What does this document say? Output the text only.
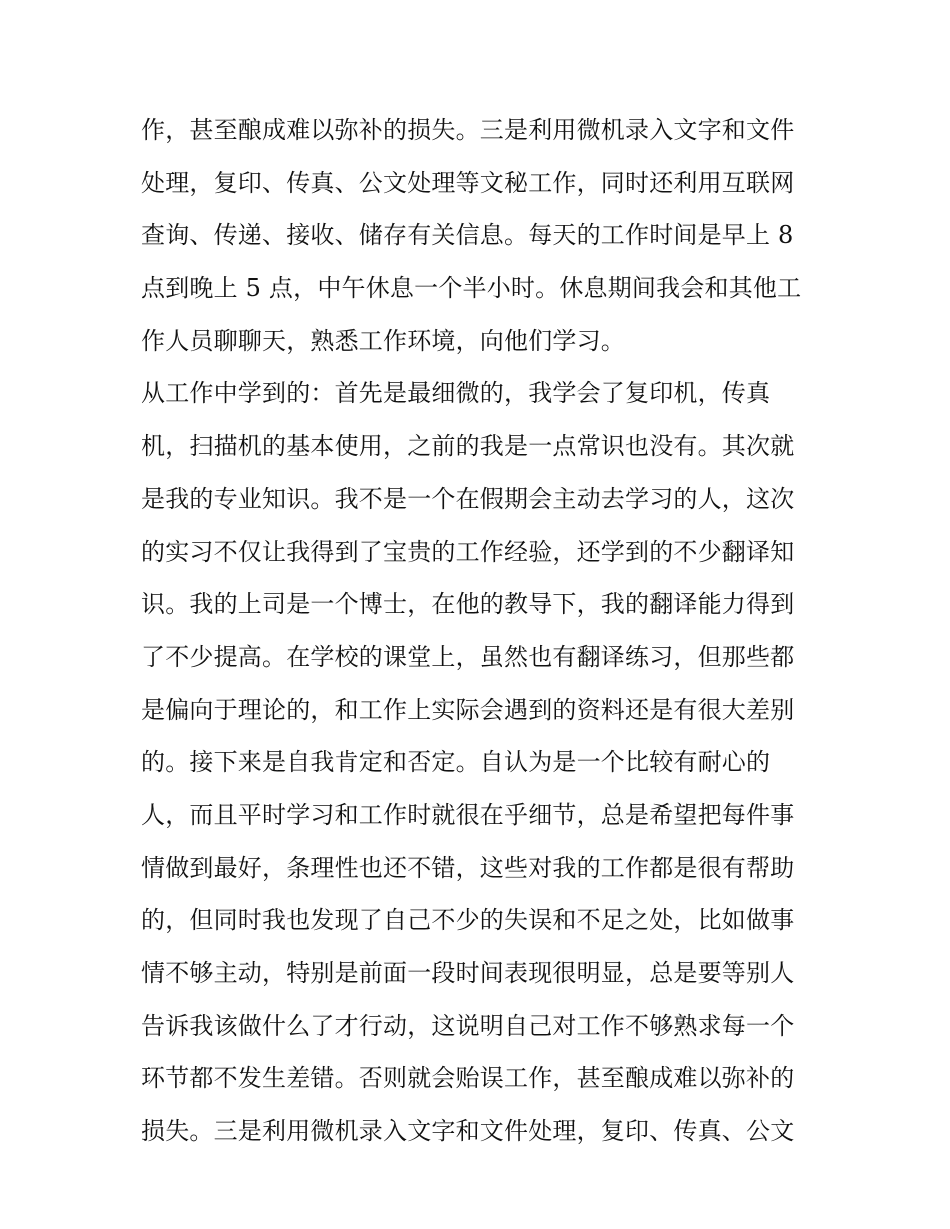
作，甚至酿成难以弥补的损失。三是利用微机录入文字和文件
处理，复印、传真、公文处理等文秘工作，同时还利用互联网
查询、传递、接收、储存有关信息。每天的工作时间是早上 8
点到晚上 5 点，中午休息一个半小时。休息期间我会和其他工
作人员聊聊天，熟悉工作环境，向他们学习。
从工作中学到的：首先是最细微的，我学会了复印机，传真
机，扫描机的基本使用，之前的我是一点常识也没有。其次就
是我的专业知识。我不是一个在假期会主动去学习的人，这次
的实习不仅让我得到了宝贵的工作经验，还学到的不少翻译知
识。我的上司是一个博士，在他的教导下，我的翻译能力得到
了不少提高。在学校的课堂上，虽然也有翻译练习，但那些都
是偏向于理论的，和工作上实际会遇到的资料还是有很大差别
的。接下来是自我肯定和否定。自认为是一个比较有耐心的
人，而且平时学习和工作时就很在乎细节，总是希望把每件事
情做到最好，条理性也还不错，这些对我的工作都是很有帮助
的，但同时我也发现了自己不少的失误和不足之处，比如做事
情不够主动，特别是前面一段时间表现很明显，总是要等别人
告诉我该做什么了才行动，这说明自己对工作不够熟求每一个
环节都不发生差错。否则就会贻误工作，甚至酿成难以弥补的
损失。三是利用微机录入文字和文件处理，复印、传真、公文
